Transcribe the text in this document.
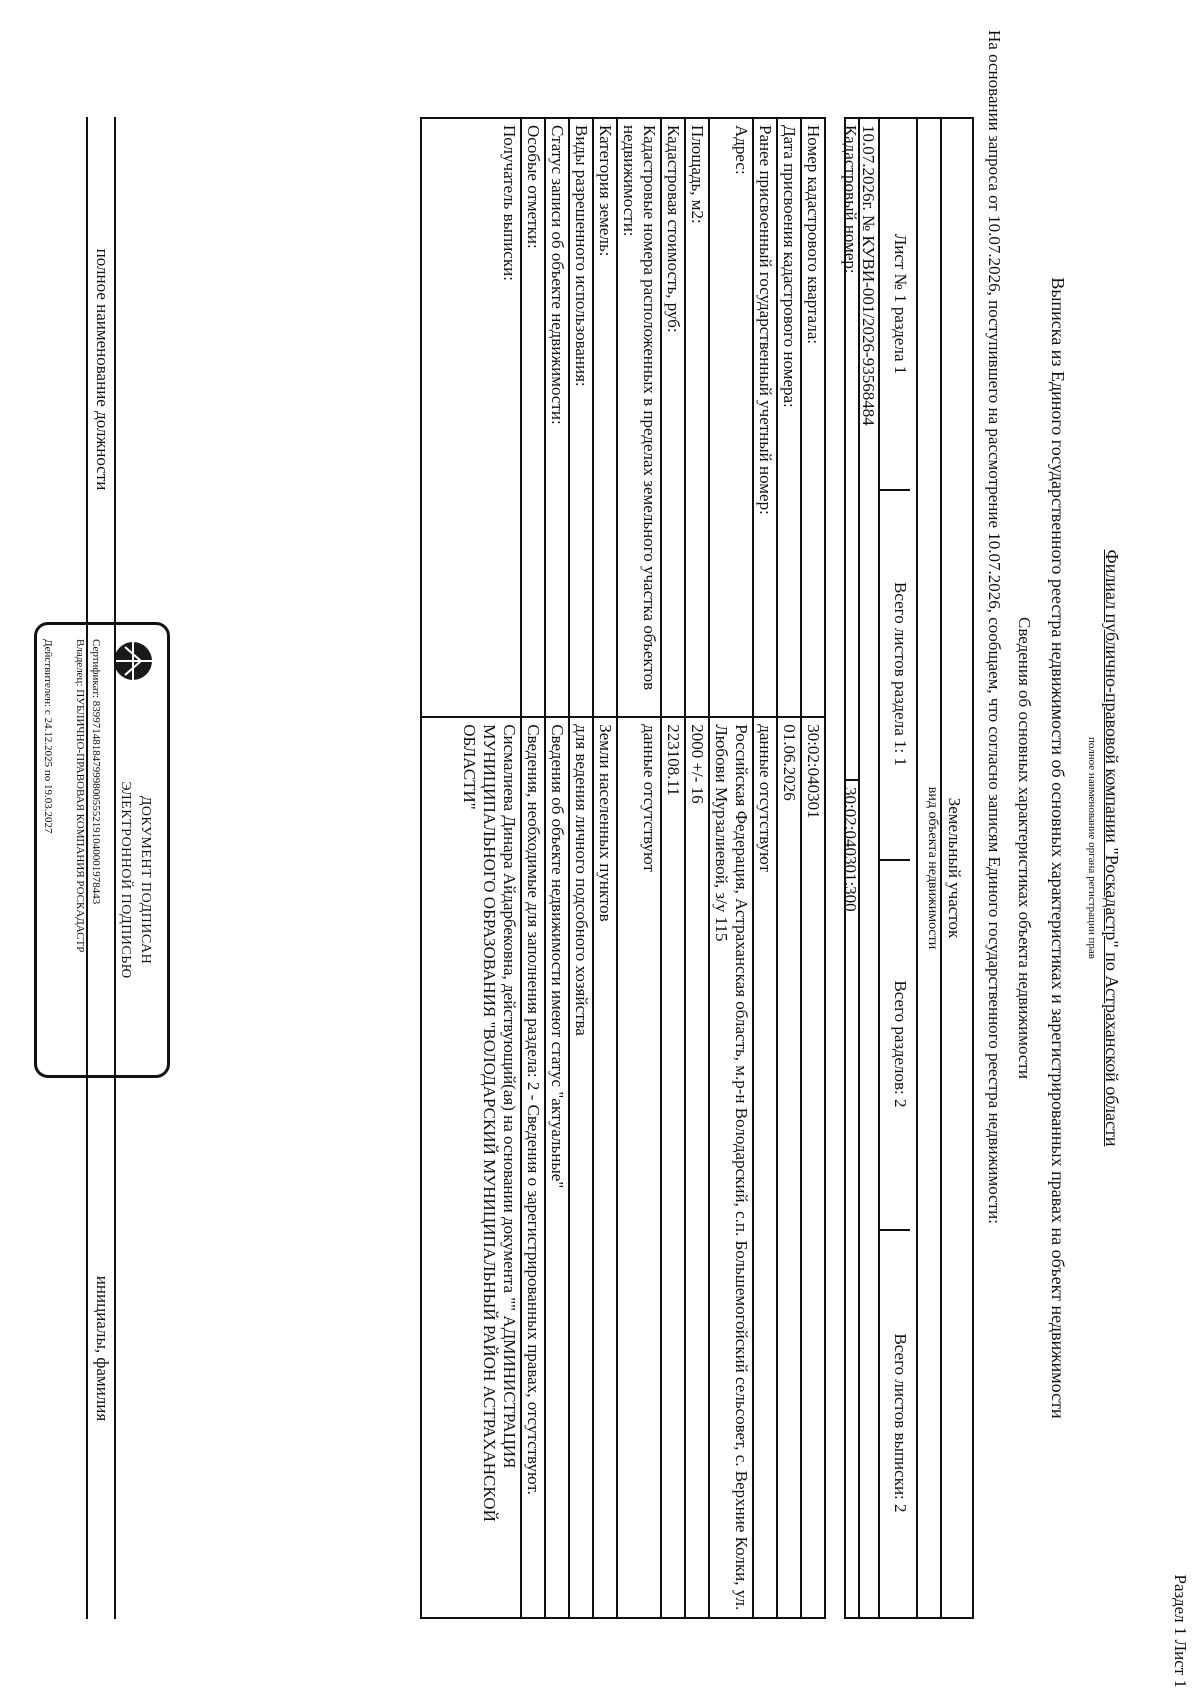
Раздел 1 Лист 1
Филиал публично-правовой компании "Роскадастр" по Астраханской области
полное наименование органа регистрации прав
Выписка из Единого государственного реестра недвижимости об основных характеристиках и зарегистрированных правах на объект недвижимости
Сведения об основных характеристиках объекта недвижимости
На основании запроса от 10.07.2026, поступившего на рассмотрение 10.07.2026, сообщаем, что согласно записям Единого государственного реестра недвижимости:
Земельный участок
вид объекта недвижимости
Лист № 1 раздела 1
Всего листов раздела 1: 1
Всего разделов: 2
Всего листов выписки: 2
10.07.2026г. № КУВИ-001/2026-93568484
Кадастровый номер:
30:02:040301:300
Номер кадастрового квартала:	30:02:040301
Дата присвоения кадастрового номера:	01.06.2026
Ранее присвоенный государственный учетный номер:	данные отсутствуют
Адрес:	Российская Федерация, Астраханская область, м.р-н Володарский, с.п. Большемогойский сельсовет, с. Верхние Колки, ул. Любови Мурзалиевой, з/у 115
Площадь, м2:	2000 +/- 16
Кадастровая стоимость, руб:	223108.11
Кадастровые номера расположенных в пределах земельного участка объектов недвижимости:	данные отсутствуют
Категория земель:	Земли населенных пунктов
Виды разрешенного использования:	для ведения личного подсобного хозяйства
Статус записи об объекте недвижимости:	Сведения об объекте недвижимости имеют статус "актуальные"
Особые отметки:	Сведения, необходимые для заполнения раздела: 2 - Сведения о зарегистрированных правах, отсутствуют.
Получатель выписки:	Сисмалиева Динара Айдарбековна, действующий(ая) на основании документа "" АДМИНИСТРАЦИЯ МУНИЦИПАЛЬНОГО ОБРАЗОВАНИЯ "ВОЛОДАРСКИЙ МУНИЦИПАЛЬНЫЙ РАЙОН АСТРАХАНСКОЙ ОБЛАСТИ"
ДОКУМЕНТ ПОДПИСАН
ЭЛЕКТРОННОЙ ПОДПИСЬЮ
Сертификат: 8399714818479998005552191040001978443
Владелец: ПУБЛИЧНО-ПРАВОВАЯ КОМПАНИЯ РОСКАДАСТР
Действителен: с 24.12.2025 по 19.03.2027
полное наименование должности
инициалы, фамилия
